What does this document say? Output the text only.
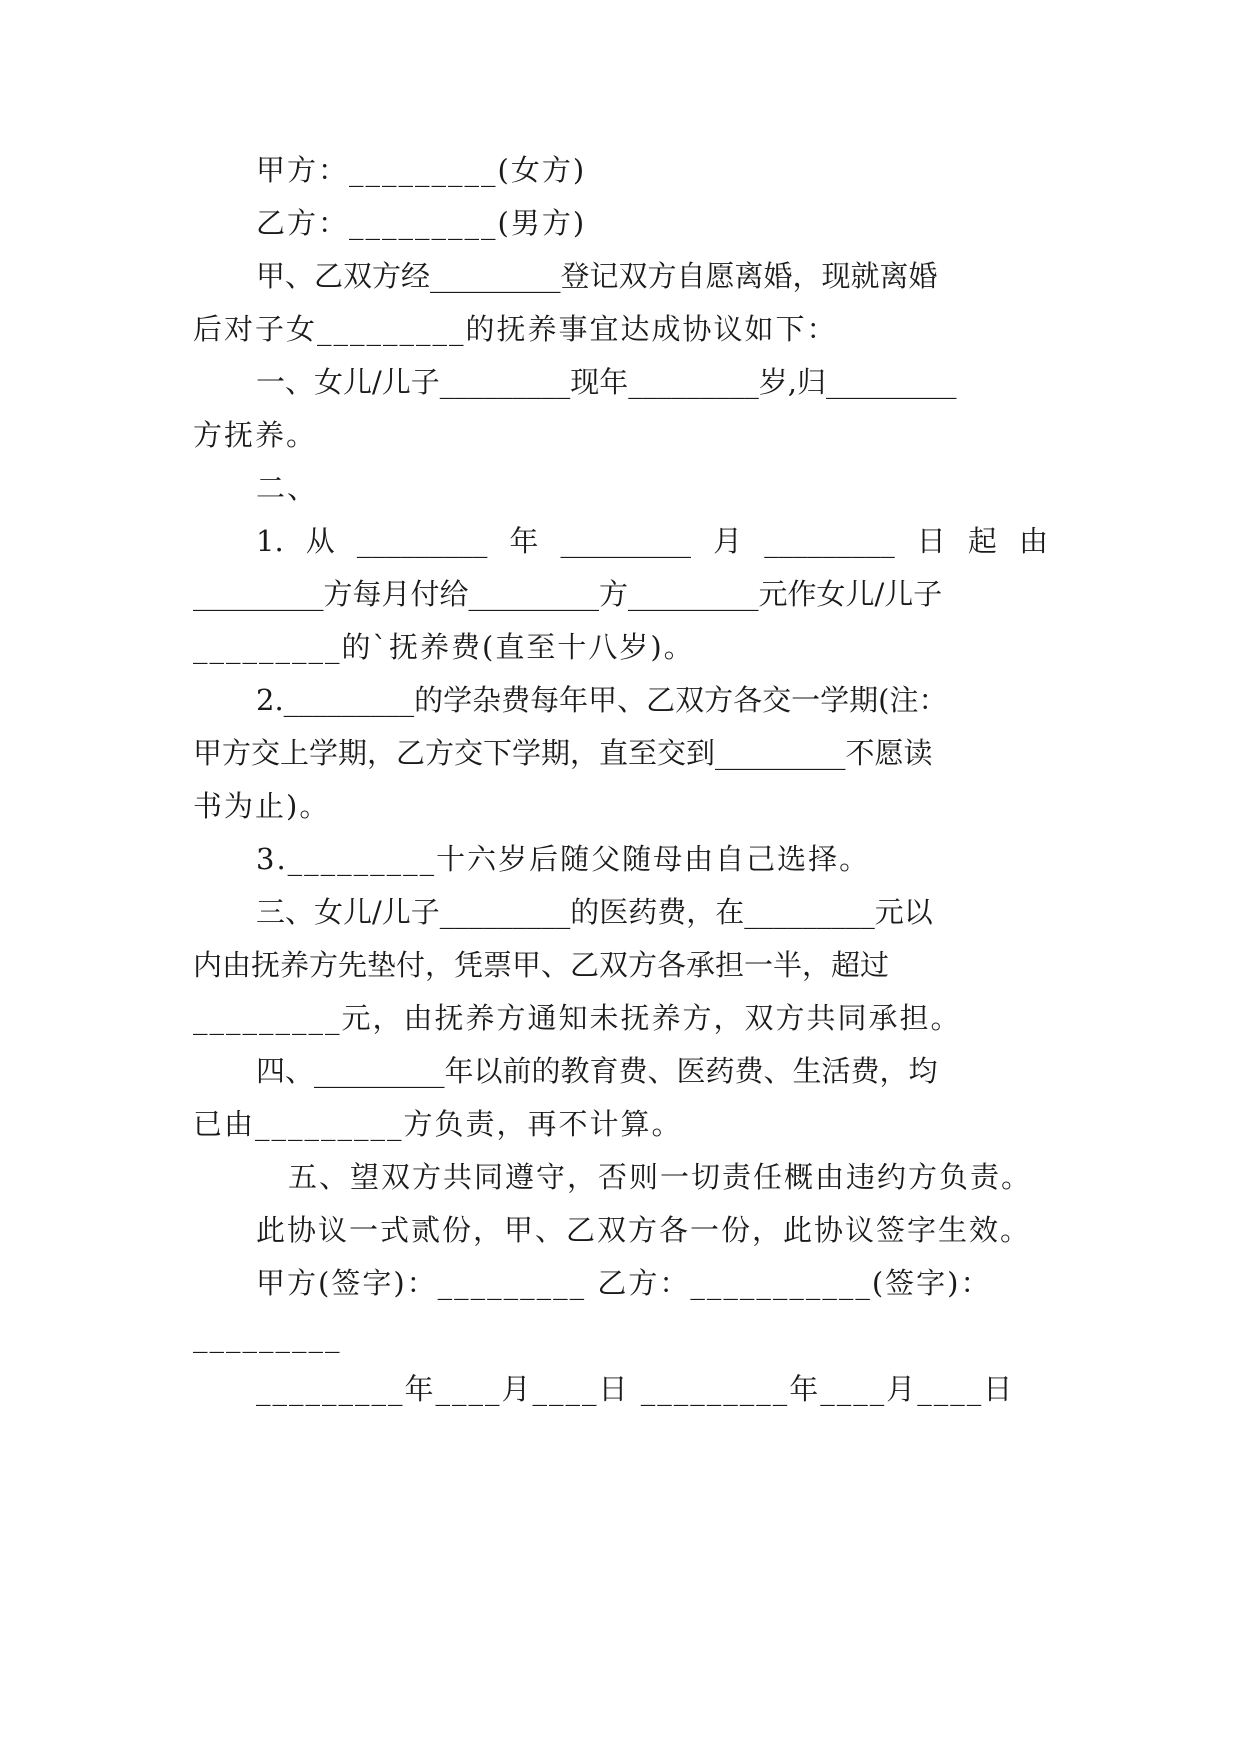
甲方：_________(女方)
乙方：_________(男方)
甲、乙双方经_________登记双方自愿离婚，现就离婚
后对子女_________的抚养事宜达成协议如下：
一、女儿/儿子_________现年_________岁,归_________
方抚养。
二、
1. 从 _________ 年 _________ 月 _________ 日 起 由
_________方每月付给_________方_________元作女儿/儿子
_________的`抚养费(直至十八岁)。
2._________的学杂费每年甲、乙双方各交一学期(注：
甲方交上学期，乙方交下学期，直至交到_________不愿读
书为止)。
3._________十六岁后随父随母由自己选择。
三、女儿/儿子_________的医药费，在_________元以
内由抚养方先垫付，凭票甲、乙双方各承担一半，超过
_________元，由抚养方通知未抚养方，双方共同承担。
四、_________年以前的教育费、医药费、生活费，均
已由_________方负责，再不计算。
五、望双方共同遵守，否则一切责任概由违约方负责。
此协议一式贰份，甲、乙双方各一份，此协议签字生效。
甲方(签字)：_________ 乙方：___________(签字)：
_________
_________年____月____日 _________年____月____日
